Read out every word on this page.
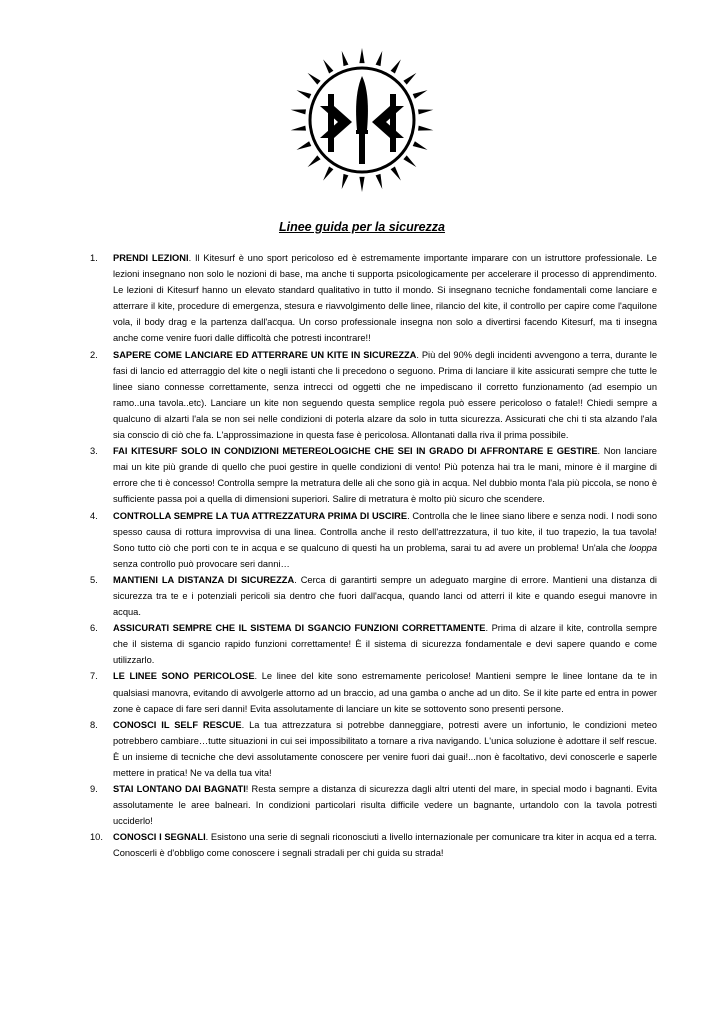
Linee guida per la sicurezza
1.	PRENDI LEZIONI. Il Kitesurf è uno sport pericoloso ed è estremamente importante imparare con un istruttore professionale. Le lezioni insegnano non solo le nozioni di base, ma anche ti supporta psicologicamente per accelerare il processo di apprendimento. Le lezioni di Kitesurf hanno un elevato standard qualitativo in tutto il mondo. Si insegnano tecniche fondamentali come lanciare e atterrare il kite, procedure di emergenza, stesura e riavvolgimento delle linee, rilancio del kite, il controllo per capire come l'aquilone vola, il body drag e la partenza dall'acqua. Un corso professionale insegna non solo a divertirsi facendo Kitesurf, ma ti insegna anche come venire fuori dalle difficoltà che potresti incontrare!!
2.	SAPERE COME LANCIARE ED ATTERRARE UN KITE IN SICUREZZA. Più del 90% degli incidenti avvengono a terra, durante le fasi di lancio ed atterraggio del kite o negli istanti che li precedono o seguono. Prima di lanciare il kite assicurati sempre che tutte le linee siano connesse correttamente, senza intrecci od oggetti che ne impediscano il corretto funzionamento (ad esempio un ramo..una tavola..etc). Lanciare un kite non seguendo questa semplice regola può essere pericoloso o fatale!! Chiedi sempre a qualcuno di alzarti l'ala se non sei nelle condizioni di poterla alzare da solo in tutta sicurezza. Assicurati che chi ti sta alzando l'ala sia conscio di ciò che fa. L'approssimazione in questa fase è pericolosa. Allontanati dalla riva il prima possibile.
3.	FAI KITESURF SOLO IN CONDIZIONI METEREOLOGICHE CHE SEI IN GRADO DI AFFRONTARE E GESTIRE. Non lanciare mai un kite più grande di quello che puoi gestire in quelle condizioni di vento! Più potenza hai tra le mani, minore è il margine di errore che ti è concesso! Controlla sempre la metratura delle ali che sono già in acqua. Nel dubbio monta l'ala più piccola, se nono è sufficiente passa poi a quella di dimensioni superiori. Salire di metratura è molto più sicuro che scendere.
4.	CONTROLLA SEMPRE LA TUA ATTREZZATURA PRIMA DI USCIRE. Controlla che le linee siano libere e senza nodi. I nodi sono spesso causa di rottura improvvisa di una linea. Controlla anche il resto dell'attrezzatura, il tuo kite, il tuo trapezio, la tua tavola! Sono tutto ciò che porti con te in acqua e se qualcuno di questi ha un problema, sarai tu ad avere un problema! Un'ala che looppa senza controllo può provocare seri danni…
5.	MANTIENI LA DISTANZA DI SICUREZZA. Cerca di garantirti sempre un adeguato margine di errore. Mantieni una distanza di sicurezza tra te e i potenziali pericoli sia dentro che fuori dall'acqua, quando lanci od atterri il kite e quando esegui manovre in acqua.
6.	ASSICURATI SEMPRE CHE IL SISTEMA DI SGANCIO FUNZIONI CORRETTAMENTE. Prima di alzare il kite, controlla sempre che il sistema di sgancio rapido funzioni correttamente! È il sistema di sicurezza fondamentale e devi sapere quando e come utilizzarlo.
7.	LE LINEE SONO PERICOLOSE. Le linee del kite sono estremamente pericolose! Mantieni sempre le linee lontane da te in qualsiasi manovra, evitando di avvolgerle attorno ad un braccio, ad una gamba o anche ad un dito. Se il kite parte ed entra in power zone è capace di fare seri danni! Evita assolutamente di lanciare un kite se sottovento sono presenti persone.
8.	CONOSCI IL SELF RESCUE. La tua attrezzatura si potrebbe danneggiare, potresti avere un infortunio, le condizioni meteo potrebbero cambiare…tutte situazioni in cui sei impossibilitato a tornare a riva navigando. L'unica soluzione è adottare il self rescue. È un insieme di tecniche che devi assolutamente conoscere per venire fuori dai guai!...non è facoltativo, devi conoscerle e saperle mettere in pratica! Ne va della tua vita!
9.	STAI LONTANO DAI BAGNATI! Resta sempre a distanza di sicurezza dagli altri utenti del mare, in special modo i bagnanti. Evita assolutamente le aree balneari. In condizioni particolari risulta difficile vedere un bagnante, urtandolo con la tavola potresti ucciderlo!
10.	CONOSCI I SEGNALI. Esistono una serie di segnali riconosciuti a livello internazionale per comunicare tra kiter in acqua ed a terra. Conoscerli è d'obbligo come conoscere i segnali stradali per chi guida su strada!
